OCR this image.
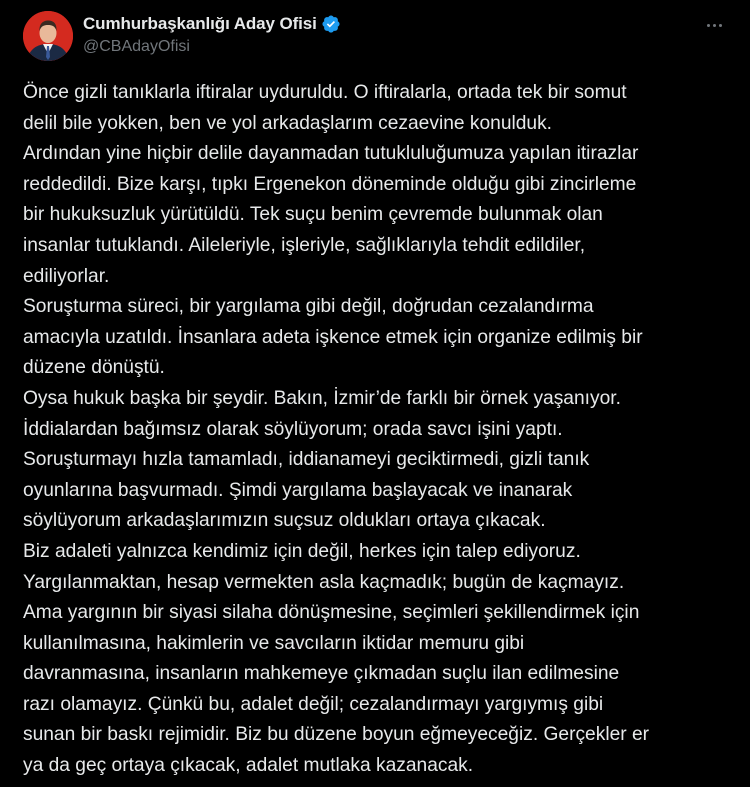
Cumhurbaşkanlığı Aday Ofisi
@CBAdayOfisi
Önce gizli tanıklarla iftiralar uyduruldu. O iftiralarla, ortada tek bir somut
delil bile yokken, ben ve yol arkadaşlarım cezaevine konulduk.
Ardından yine hiçbir delile dayanmadan tutukluluğumuza yapılan itirazlar
reddedildi. Bize karşı, tıpkı Ergenekon döneminde olduğu gibi zincirleme
bir hukuksuzluk yürütüldü. Tek suçu benim çevremde bulunmak olan
insanlar tutuklandı. Aileleriyle, işleriyle, sağlıklarıyla tehdit edildiler,
ediliyorlar.
Soruşturma süreci, bir yargılama gibi değil, doğrudan cezalandırma
amacıyla uzatıldı. İnsanlara adeta işkence etmek için organize edilmiş bir
düzene dönüştü.
Oysa hukuk başka bir şeydir. Bakın, İzmir’de farklı bir örnek yaşanıyor.
İddialardan bağımsız olarak söylüyorum; orada savcı işini yaptı.
Soruşturmayı hızla tamamladı, iddianameyi geciktirmedi, gizli tanık
oyunlarına başvurmadı. Şimdi yargılama başlayacak ve inanarak
söylüyorum arkadaşlarımızın suçsuz oldukları ortaya çıkacak.
Biz adaleti yalnızca kendimiz için değil, herkes için talep ediyoruz.
Yargılanmaktan, hesap vermekten asla kaçmadık; bugün de kaçmayız.
Ama yargının bir siyasi silaha dönüşmesine, seçimleri şekillendirmek için
kullanılmasına, hakimlerin ve savcıların iktidar memuru gibi
davranmasına, insanların mahkemeye çıkmadan suçlu ilan edilmesine
razı olamayız. Çünkü bu, adalet değil; cezalandırmayı yargıymış gibi
sunan bir baskı rejimidir. Biz bu düzene boyun eğmeyeceğiz. Gerçekler er
ya da geç ortaya çıkacak, adalet mutlaka kazanacak.
